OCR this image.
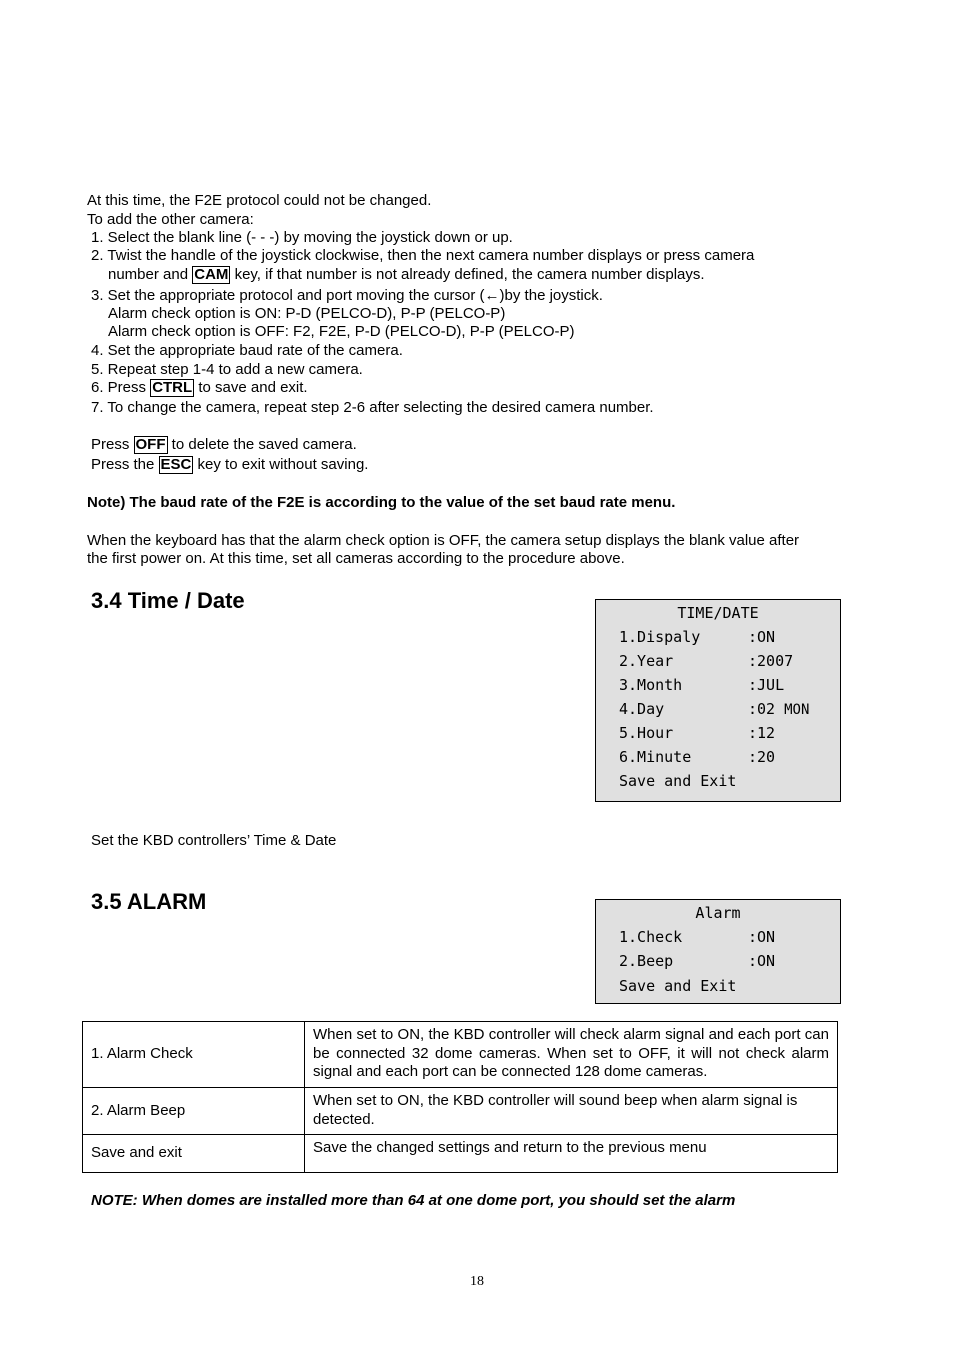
At this time, the F2E protocol could not be changed.
To add the other camera:
1. Select the blank line (- - -) by moving the joystick down or up.
2. Twist the handle of the joystick clockwise, then the next camera number displays or press camera
number and CAM key, if that number is not already defined, the camera number displays.
3. Set the appropriate protocol and port moving the cursor (←)by the joystick.
Alarm check option is ON: P-D (PELCO-D), P-P (PELCO-P)
Alarm check option is OFF: F2, F2E, P-D (PELCO-D), P-P (PELCO-P)
4. Set the appropriate baud rate of the camera.
5. Repeat step 1-4 to add a new camera.
6. Press CTRL to save and exit.
7. To change the camera, repeat step 2-6 after selecting the desired camera number.
Press OFF to delete the saved camera.
Press the ESC key to exit without saving.
Note) The baud rate of the F2E is according to the value of the set baud rate menu.
When the keyboard has that the alarm check option is OFF, the camera setup displays the blank value after
the first power on. At this time, set all cameras according to the procedure above.
3.4 Time / Date	TIME/DATE
1.Dispaly	:ON
2.Year	:2007
3.Month	:JUL
4.Day	:02 MON
5.Hour	:12
6.Minute	:20
Save and Exit
Set the KBD controllers’ Time & Date
3.5 ALARM	Alarm
1.Check	:ON
2.Beep	:ON
Save and Exit
1. Alarm Check	When set to ON, the KBD controller will check alarm signal and each port can be connected 32 dome cameras. When set to OFF, it will not check alarm signal and each port can be connected 128 dome cameras.
2. Alarm Beep	When set to ON, the KBD controller will sound beep when alarm signal is detected.
Save and exit	Save the changed settings and return to the previous menu
NOTE: When domes are installed more than 64 at one dome port, you should set the alarm
18
